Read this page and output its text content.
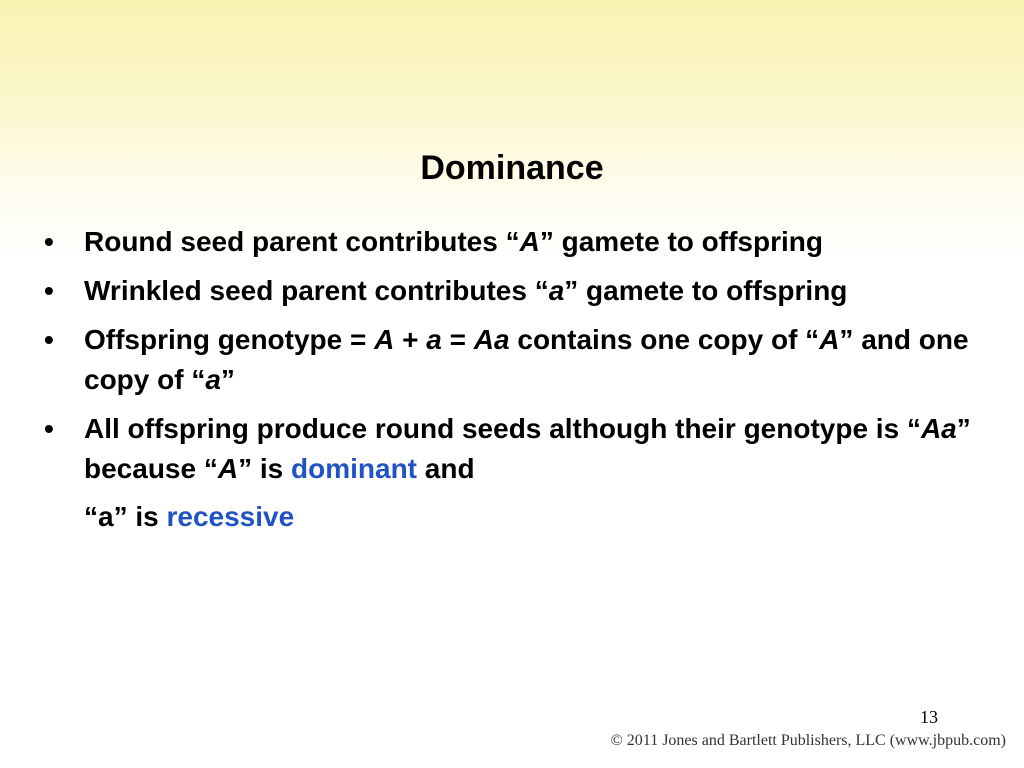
Dominance
•	Round seed parent contributes “A” gamete to offspring
•	Wrinkled seed parent contributes “a” gamete to offspring
•	Offspring genotype = A + a = Aa contains one copy of “A” and one copy of “a”
•	All offspring produce round seeds although their genotype is “Aa” because “A” is dominant and
“a” is recessive
13
© 2011 Jones and Bartlett Publishers, LLC (www.jbpub.com)
